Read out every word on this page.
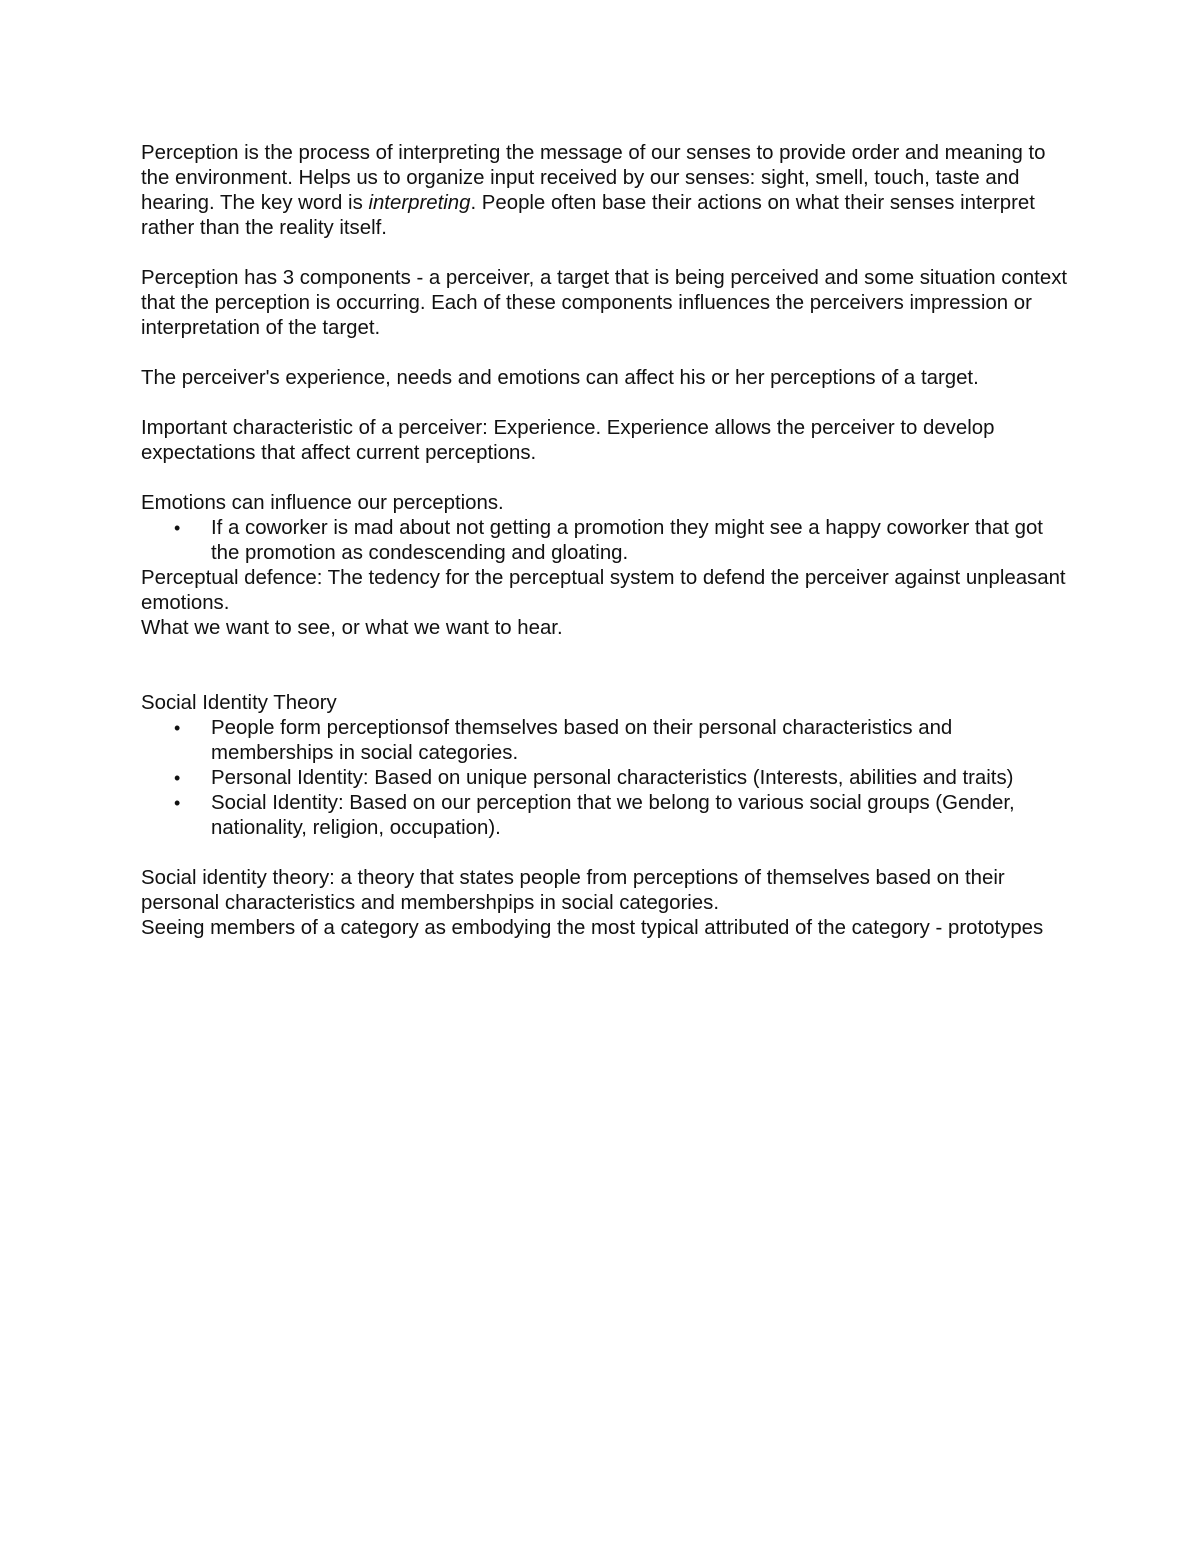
Perception is the process of interpreting the message of our senses to provide order and meaning to the environment. Helps us to organize input received by our senses: sight, smell, touch, taste and hearing. The key word is interpreting. People often base their actions on what their senses interpret rather than the reality itself.

Perception has 3 components - a perceiver, a target that is being perceived and some situation context that the perception is occurring. Each of these components influences the perceivers impression or interpretation of the target.

The perceiver's experience, needs and emotions can affect his or her perceptions of a target.

Important characteristic of a perceiver: Experience. Experience allows the perceiver to develop expectations that affect current perceptions.

Emotions can influence our perceptions.

• If a coworker is mad about not getting a promotion they might see a happy coworker that got the promotion as condescending and gloating.

Perceptual defence: The tedency for the perceptual system to defend the perceiver against unpleasant emotions.

What we want to see, or what we want to hear.

Social Identity Theory

• People form perceptionsof themselves based on their personal characteristics and memberships in social categories.
• Personal Identity: Based on unique personal characteristics (Interests, abilities and traits)
• Social Identity: Based on our perception that we belong to various social groups (Gender, nationality, religion, occupation).

Social identity theory: a theory that states people from perceptions of themselves based on their personal characteristics and membershpips in social categories.

Seeing members of a category as embodying the most typical attributed of the category - prototypes
